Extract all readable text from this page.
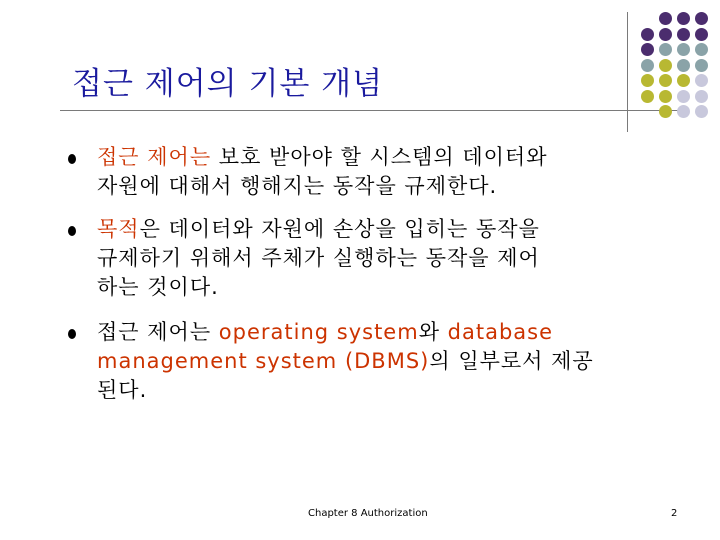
접근 제어의 기본 개념
접근 제어는 보호 받아야 할 시스템의 데이터와
자원에 대해서 행해지는 동작을 규제한다.
목적은 데이터와 자원에 손상을 입히는 동작을
규제하기 위해서 주체가 실행하는 동작을 제어
하는 것이다.
접근 제어는 operating system와 database
management system (DBMS)의 일부로서 제공
된다.
Chapter 8 Authorization	2
